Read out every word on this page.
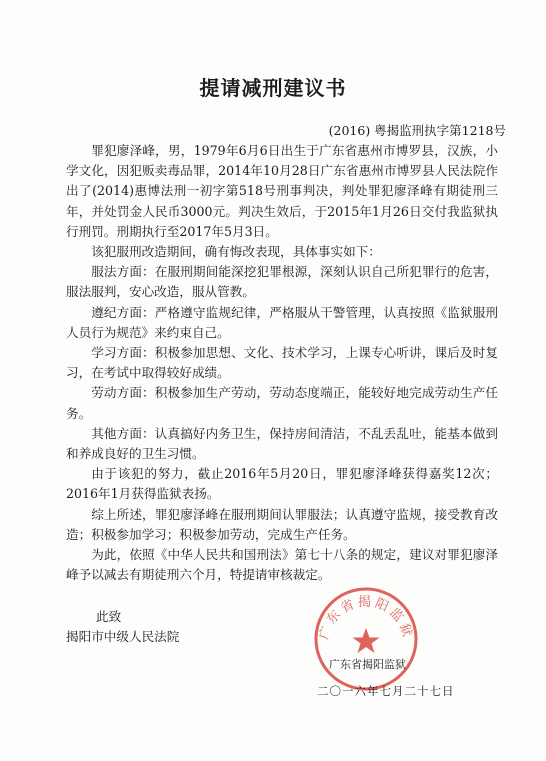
提请减刑建议书
(2016) 粤揭监刑执字第1218号

罪犯廖泽峰，男，1979年6月6日出生于广东省惠州市博罗县，汉族，小学文化，因犯贩卖毒品罪，2014年10月28日广东省惠州市博罗县人民法院作出了(2014)惠博法刑一初字第518号刑事判决，判处罪犯廖泽峰有期徒刑三年，并处罚金人民币3000元。判决生效后，于2015年1月26日交付我监狱执行刑罚。刑期执行至2017年5月3日。

该犯服刑改造期间，确有悔改表现，具体事实如下：

服法方面：在服刑期间能深挖犯罪根源，深刻认识自己所犯罪行的危害，服法服判，安心改造，服从管教。

遵纪方面：严格遵守监规纪律，严格服从干警管理，认真按照《监狱服刑人员行为规范》来约束自己。

学习方面：积极参加思想、文化、技术学习，上课专心听讲，课后及时复习，在考试中取得较好成绩。

劳动方面：积极参加生产劳动，劳动态度端正，能较好地完成劳动生产任务。

其他方面：认真搞好内务卫生，保持房间清洁，不乱丢乱吐，能基本做到和养成良好的卫生习惯。

由于该犯的努力，截止2016年5月20日，罪犯廖泽峰获得嘉奖12次；2016年1月获得监狱表扬。

综上所述，罪犯廖泽峰在服刑期间认罪服法；认真遵守监规，接受教育改造；积极参加学习；积极参加劳动，完成生产任务。

为此，依照《中华人民共和国刑法》第七十八条的规定，建议对罪犯廖泽峰予以减去有期徒刑六个月，特提请审核裁定。

此致
揭阳市中级人民法院	广东省揭阳监狱
广东省揭阳监狱
二〇一六年七月二十七日
